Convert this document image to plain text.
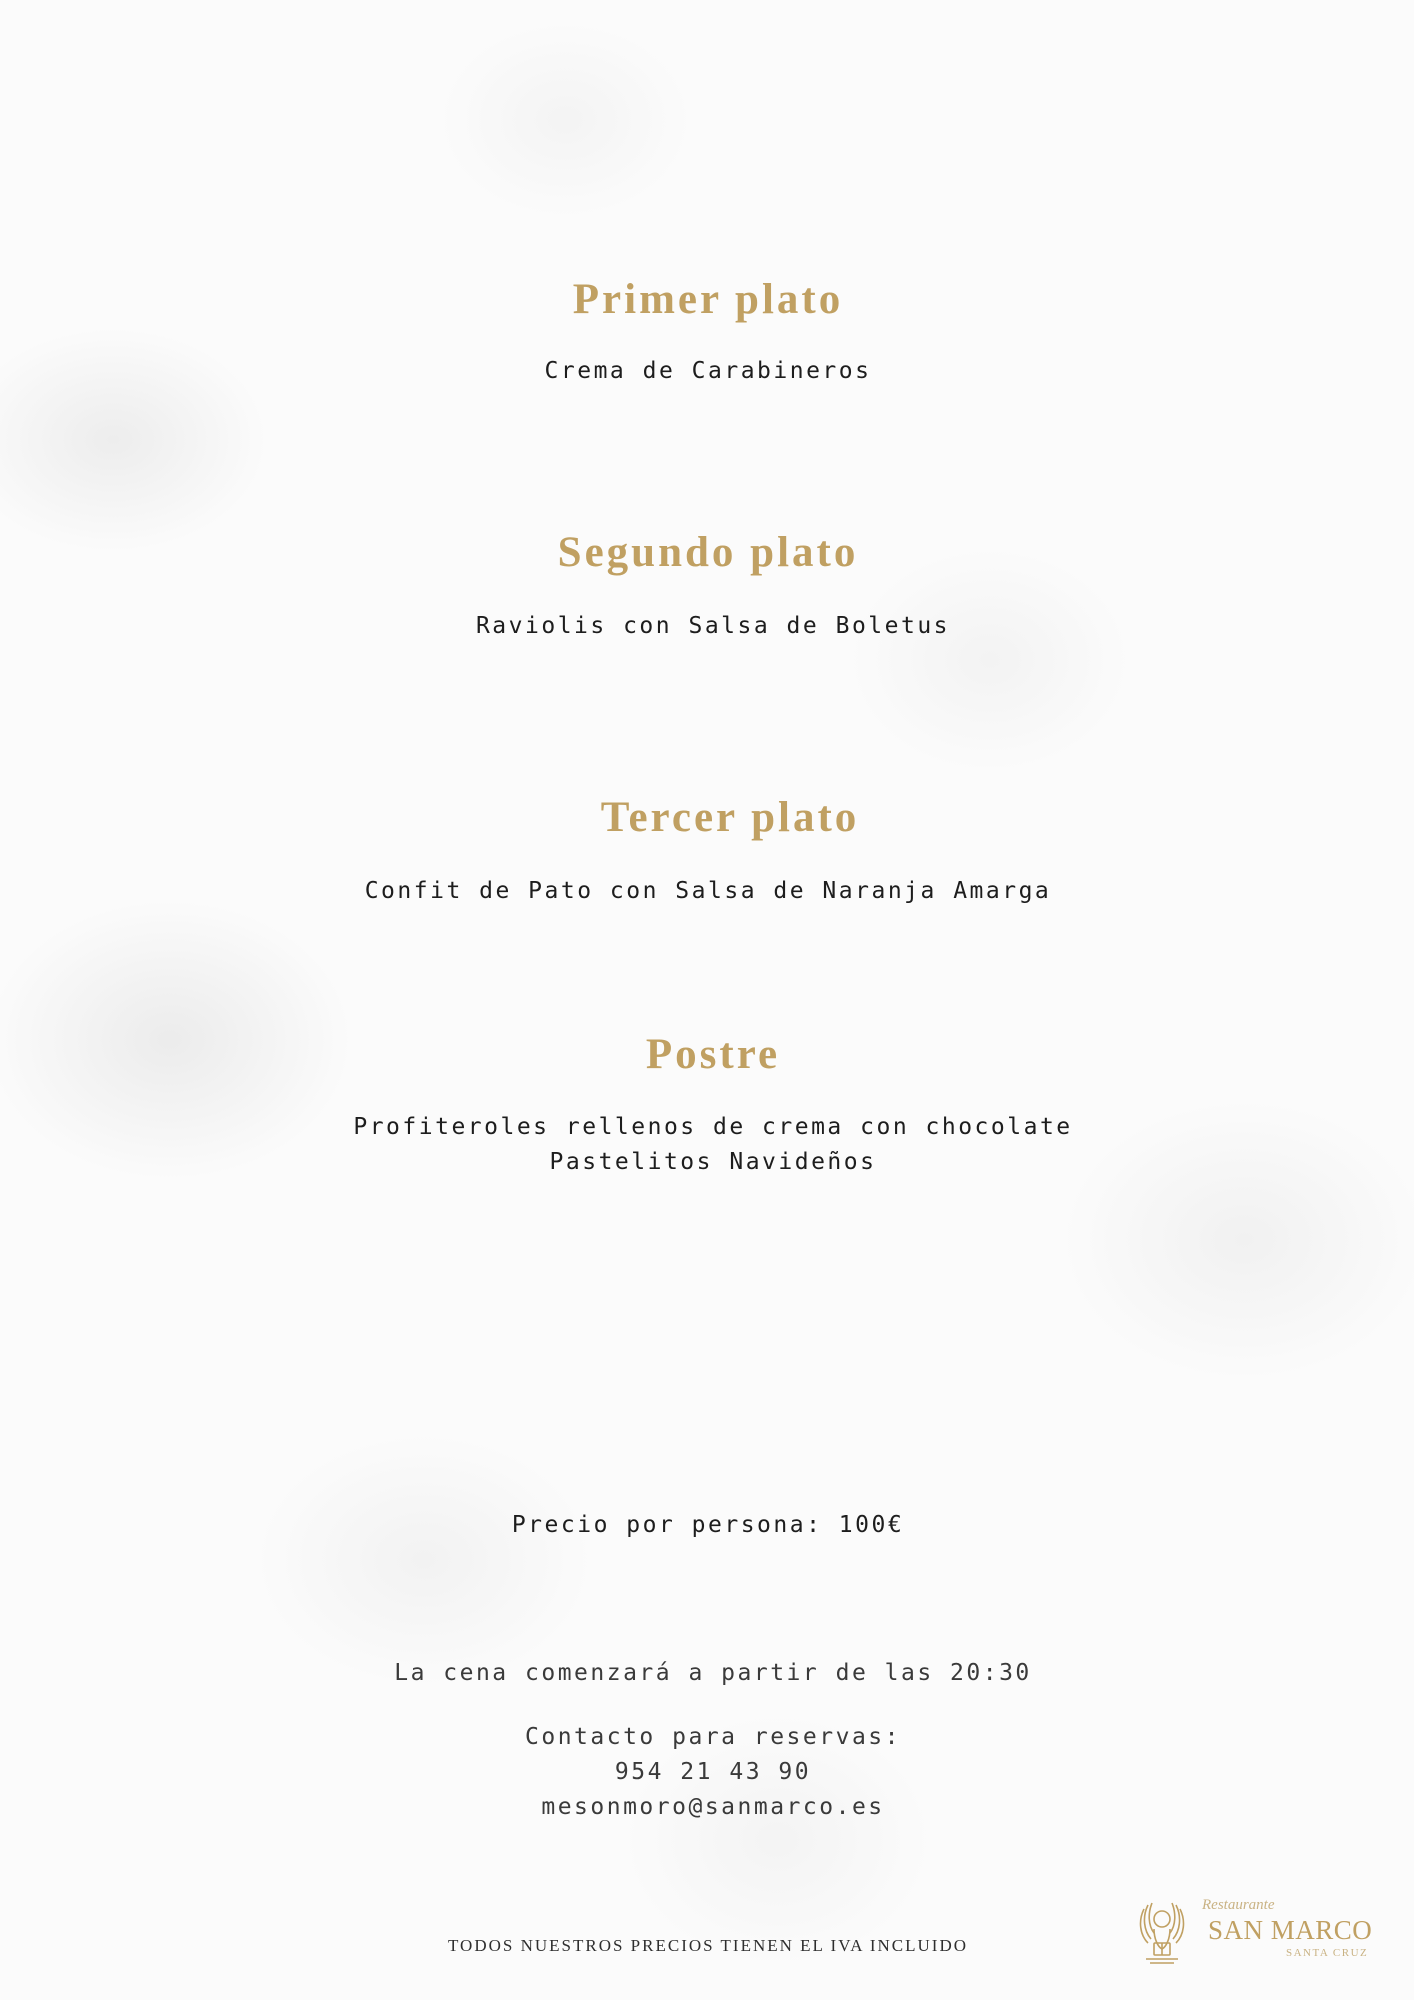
Primer plato

Crema de Carabineros

Segundo plato

Raviolis con Salsa de Boletus

Tercer plato

Confit de Pato con Salsa de Naranja Amarga

Postre

Profiteroles rellenos de crema con chocolate

Pastelitos Navideños

Precio por persona: 100€

La cena comenzará a partir de las 20:30

Contacto para reservas:

954 21 43 90

mesonmoro@sanmarco.es

TODOS NUESTROS PRECIOS TIENEN EL IVA INCLUIDO

Restaurante
SAN MARCO
SANTA CRUZ
